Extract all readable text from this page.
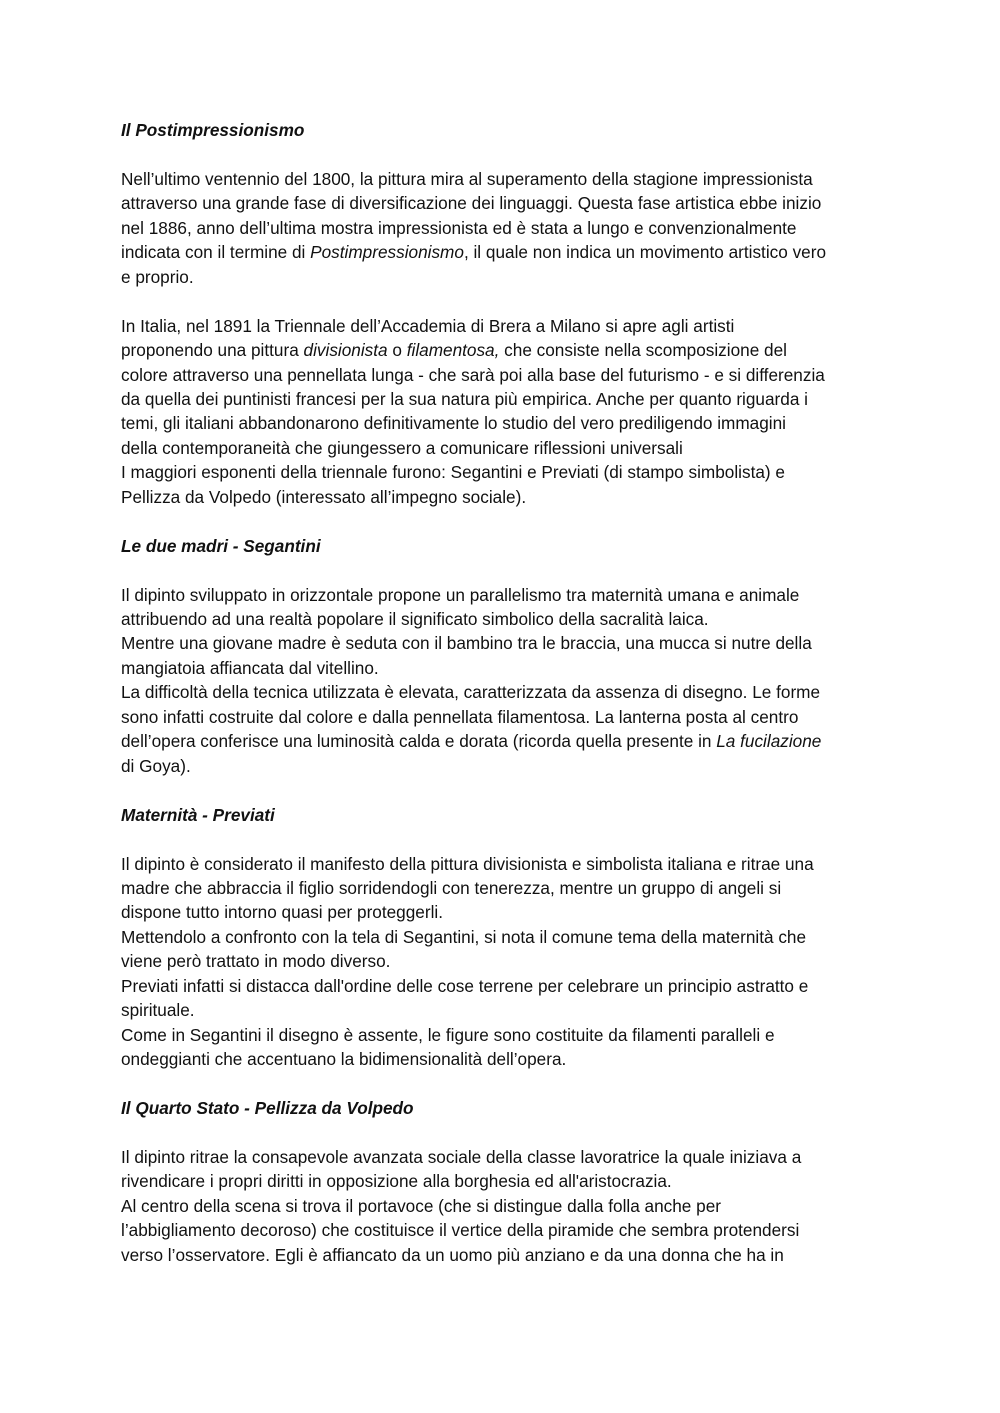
Il Postimpressionismo

Nell’ultimo ventennio del 1800, la pittura mira al superamento della stagione impressionista

attraverso una grande fase di diversificazione dei linguaggi. Questa fase artistica ebbe inizio

nel 1886, anno dell’ultima mostra impressionista ed è stata a lungo e convenzionalmente

indicata con il termine di Postimpressionismo, il quale non indica un movimento artistico vero

e proprio.

In Italia, nel 1891 la Triennale dell’Accademia di Brera a Milano si apre agli artisti

proponendo una pittura divisionista o filamentosa, che consiste nella scomposizione del

colore attraverso una pennellata lunga - che sarà poi alla base del futurismo - e si differenzia

da quella dei puntinisti francesi per la sua natura più empirica. Anche per quanto riguarda i

temi, gli italiani abbandonarono definitivamente lo studio del vero prediligendo immagini

della contemporaneità che giungessero a comunicare riflessioni universali

I maggiori esponenti della triennale furono: Segantini e Previati (di stampo simbolista) e

Pellizza da Volpedo (interessato all’impegno sociale).

Le due madri - Segantini

Il dipinto sviluppato in orizzontale propone un parallelismo tra maternità umana e animale

attribuendo ad una realtà popolare il significato simbolico della sacralità laica.

Mentre una giovane madre è seduta con il bambino tra le braccia, una mucca si nutre della

mangiatoia affiancata dal vitellino.

La difficoltà della tecnica utilizzata è elevata, caratterizzata da assenza di disegno. Le forme

sono infatti costruite dal colore e dalla pennellata filamentosa. La lanterna posta al centro

dell’opera conferisce una luminosità calda e dorata (ricorda quella presente in La fucilazione

di Goya).

Maternità - Previati

Il dipinto è considerato il manifesto della pittura divisionista e simbolista italiana e ritrae una

madre che abbraccia il figlio sorridendogli con tenerezza, mentre un gruppo di angeli si

dispone tutto intorno quasi per proteggerli.

Mettendolo a confronto con la tela di Segantini, si nota il comune tema della maternità che

viene però trattato in modo diverso.

Previati infatti si distacca dall'ordine delle cose terrene per celebrare un principio astratto e

spirituale.

Come in Segantini il disegno è assente, le figure sono costituite da filamenti paralleli e

ondeggianti che accentuano la bidimensionalità dell’opera.

Il Quarto Stato - Pellizza da Volpedo

Il dipinto ritrae la consapevole avanzata sociale della classe lavoratrice la quale iniziava a

rivendicare i propri diritti in opposizione alla borghesia ed all'aristocrazia.

Al centro della scena si trova il portavoce (che si distingue dalla folla anche per

l’abbigliamento decoroso) che costituisce il vertice della piramide che sembra protendersi

verso l’osservatore. Egli è affiancato da un uomo più anziano e da una donna che ha in
